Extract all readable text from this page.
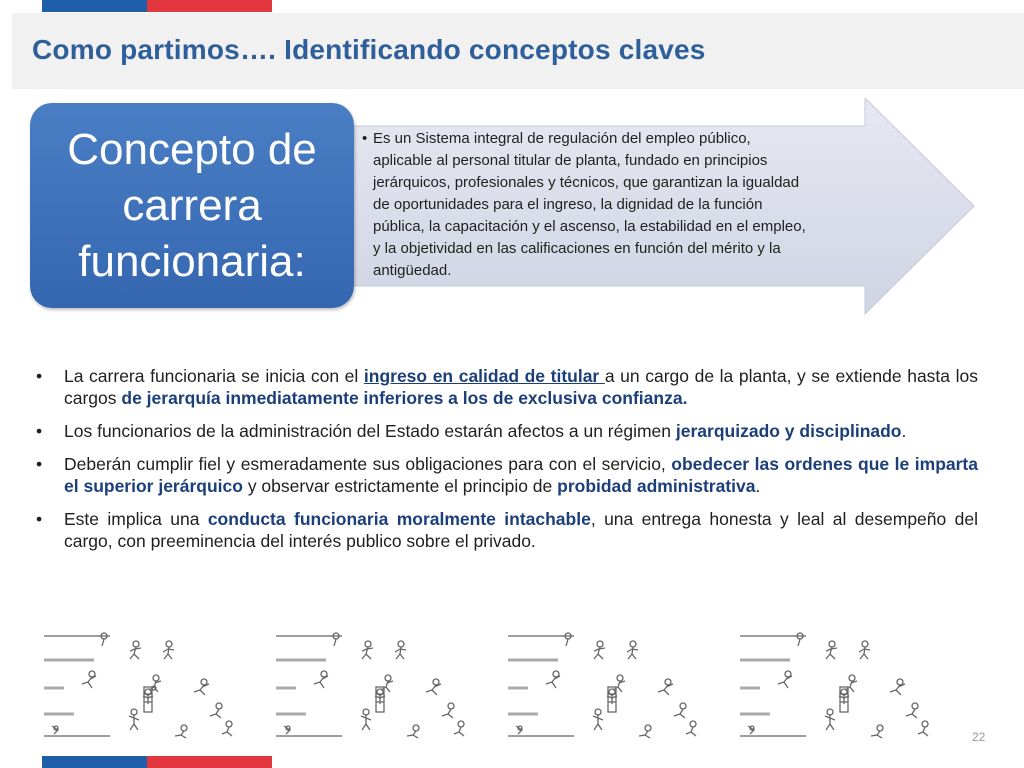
Como partimos…. Identificando conceptos claves
Concepto de
carrera
funcionaria:
• Es un Sistema integral de regulación del empleo público,
aplicable al personal titular de planta, fundado en principios
jerárquicos, profesionales y técnicos, que garantizan la igualdad
de oportunidades para el ingreso, la dignidad de la función
pública, la capacitación y el ascenso, la estabilidad en el empleo,
y la objetividad en las calificaciones en función del mérito y la
antigüedad.
• La carrera funcionaria se inicia con el ingreso en calidad de titular a un cargo de la planta, y se extiende hasta los cargos de jerarquía inmediatamente inferiores a los de exclusiva confianza.
• Los funcionarios de la administración del Estado estarán afectos a un régimen jerarquizado y disciplinado.
• Deberán cumplir fiel y esmeradamente sus obligaciones para con el servicio, obedecer las ordenes que le imparta el superior jerárquico y observar estrictamente el principio de probidad administrativa.
• Este implica una conducta funcionaria moralmente intachable, una entrega honesta y leal al desempeño del cargo, con preeminencia del interés publico sobre el privado.
22
